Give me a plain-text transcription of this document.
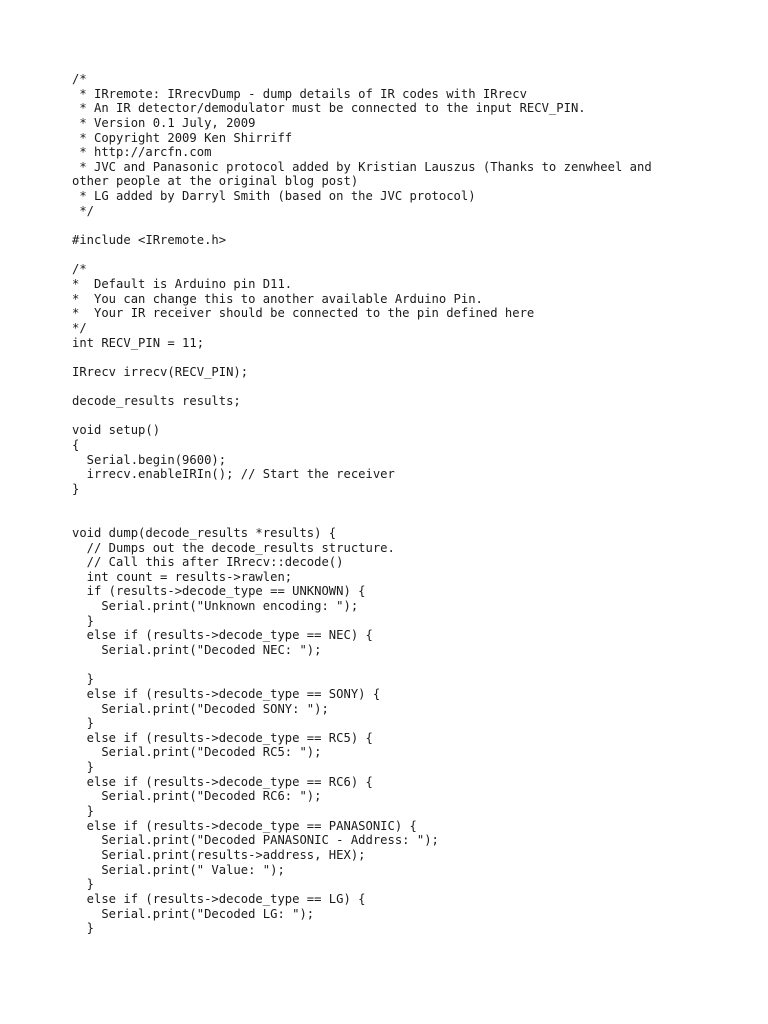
/*
* IRremote: IRrecvDump - dump details of IR codes with IRrecv
* An IR detector/demodulator must be connected to the input RECV_PIN.
* Version 0.1 July, 2009
* Copyright 2009 Ken Shirriff
* http://arcfn.com
* JVC and Panasonic protocol added by Kristian Lauszus (Thanks to zenwheel and
other people at the original blog post)
* LG added by Darryl Smith (based on the JVC protocol)
*/
#include <IRremote.h>
/*
*  Default is Arduino pin D11.
*  You can change this to another available Arduino Pin.
*  Your IR receiver should be connected to the pin defined here
*/
int RECV_PIN = 11;
IRrecv irrecv(RECV_PIN);
decode_results results;
void setup()
{
Serial.begin(9600);
irrecv.enableIRIn(); // Start the receiver
}
void dump(decode_results *results) {
// Dumps out the decode_results structure.
// Call this after IRrecv::decode()
int count = results->rawlen;
if (results->decode_type == UNKNOWN) {
Serial.print("Unknown encoding: ");
}
else if (results->decode_type == NEC) {
Serial.print("Decoded NEC: ");
}
else if (results->decode_type == SONY) {
Serial.print("Decoded SONY: ");
}
else if (results->decode_type == RC5) {
Serial.print("Decoded RC5: ");
}
else if (results->decode_type == RC6) {
Serial.print("Decoded RC6: ");
}
else if (results->decode_type == PANASONIC) {
Serial.print("Decoded PANASONIC - Address: ");
Serial.print(results->address, HEX);
Serial.print(" Value: ");
}
else if (results->decode_type == LG) {
Serial.print("Decoded LG: ");
}
